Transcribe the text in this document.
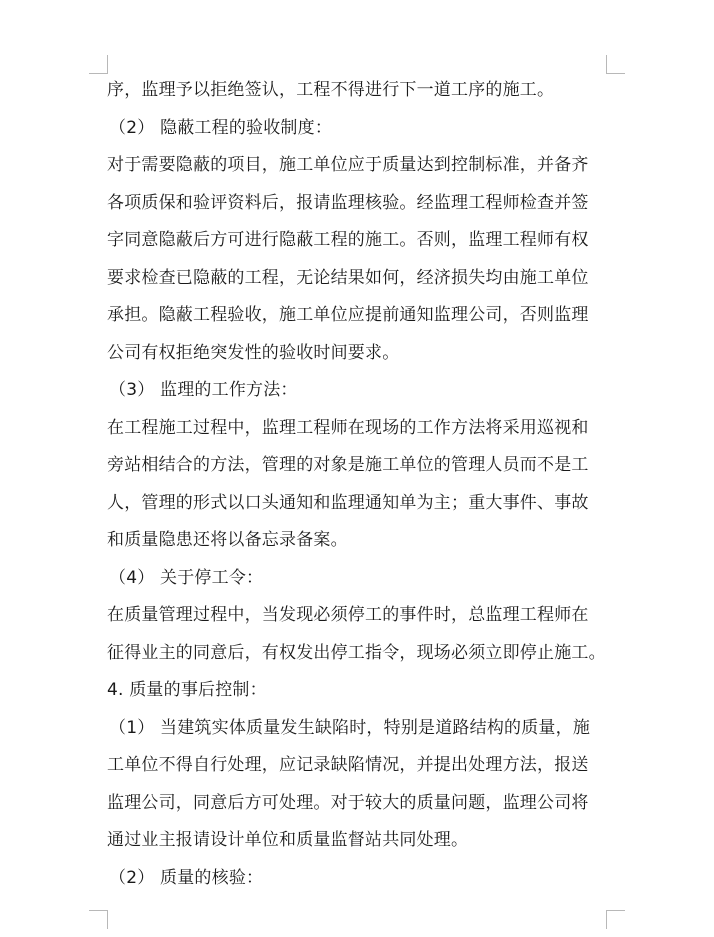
序，监理予以拒绝签认，工程不得进行下一道工序的施工。
（2） 隐蔽工程的验收制度：
对于需要隐蔽的项目，施工单位应于质量达到控制标准，并备齐
各项质保和验评资料后，报请监理核验。经监理工程师检查并签
字同意隐蔽后方可进行隐蔽工程的施工。否则，监理工程师有权
要求检查已隐蔽的工程，无论结果如何，经济损失均由施工单位
承担。隐蔽工程验收，施工单位应提前通知监理公司，否则监理
公司有权拒绝突发性的验收时间要求。
（3） 监理的工作方法：
在工程施工过程中，监理工程师在现场的工作方法将采用巡视和
旁站相结合的方法，管理的对象是施工单位的管理人员而不是工
人，管理的形式以口头通知和监理通知单为主；重大事件、事故
和质量隐患还将以备忘录备案。
（4） 关于停工令：
在质量管理过程中，当发现必须停工的事件时，总监理工程师在
征得业主的同意后，有权发出停工指令，现场必须立即停止施工。
4. 质量的事后控制：
（1） 当建筑实体质量发生缺陷时，特别是道路结构的质量，施
工单位不得自行处理，应记录缺陷情况，并提出处理方法，报送
监理公司，同意后方可处理。对于较大的质量问题，监理公司将
通过业主报请设计单位和质量监督站共同处理。
（2） 质量的核验：
